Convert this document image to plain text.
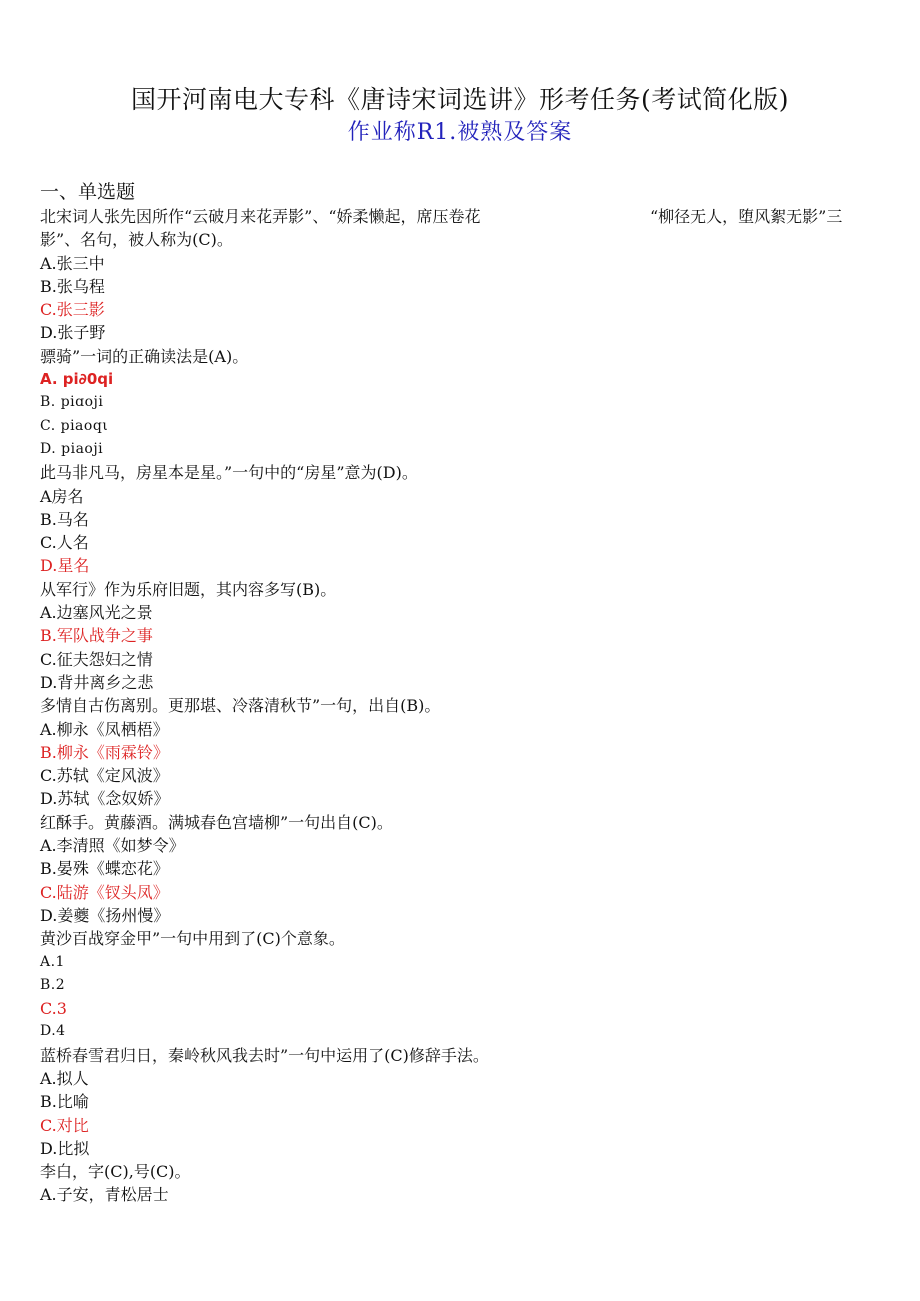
国开河南电大专科《唐诗宋词选讲》形考任务(考试简化版)
作业称R1.被熟及答案
一、单选题
北宋词人张先因所作“云破月来花弄影”、“娇柔懒起，席压卷花	“柳径无人，堕风絮无影”三
影”、名句，被人称为(C)。
A.张三中
B.张乌程
C.张三影
D.张子野
骠骑”一词的正确读法是(A)。
A. pi∂0qi
B. piɑoji
C. piaoqι
D. piaoji
此马非凡马，房星本是星。”一句中的“房星”意为(D)。
A房名
B.马名
C.人名
D.星名
从军行》作为乐府旧题，其内容多写(B)。
A.边塞风光之景
B.军队战争之事
C.征夫怨妇之情
D.背井离乡之悲
多情自古伤离别。更那堪、冷落清秋节”一句，出自(B)。
A.柳永《凤栖梧》
B.柳永《雨霖铃》
C.苏轼《定风波》
D.苏轼《念奴娇》
红酥手。黄藤酒。满城春色宫墙柳”一句出自(C)。
A.李清照《如梦令》
B.晏殊《蝶恋花》
C.陆游《钗头凤》
D.姜夔《扬州慢》
黄沙百战穿金甲”一句中用到了(C)个意象。
A.1
B.2
C.3
D.4
蓝桥春雪君归日，秦岭秋风我去时”一句中运用了(C)修辞手法。
A.拟人
B.比喻
C.对比
D.比拟
李白，字(C),号(C)。
A.子安，青松居士
